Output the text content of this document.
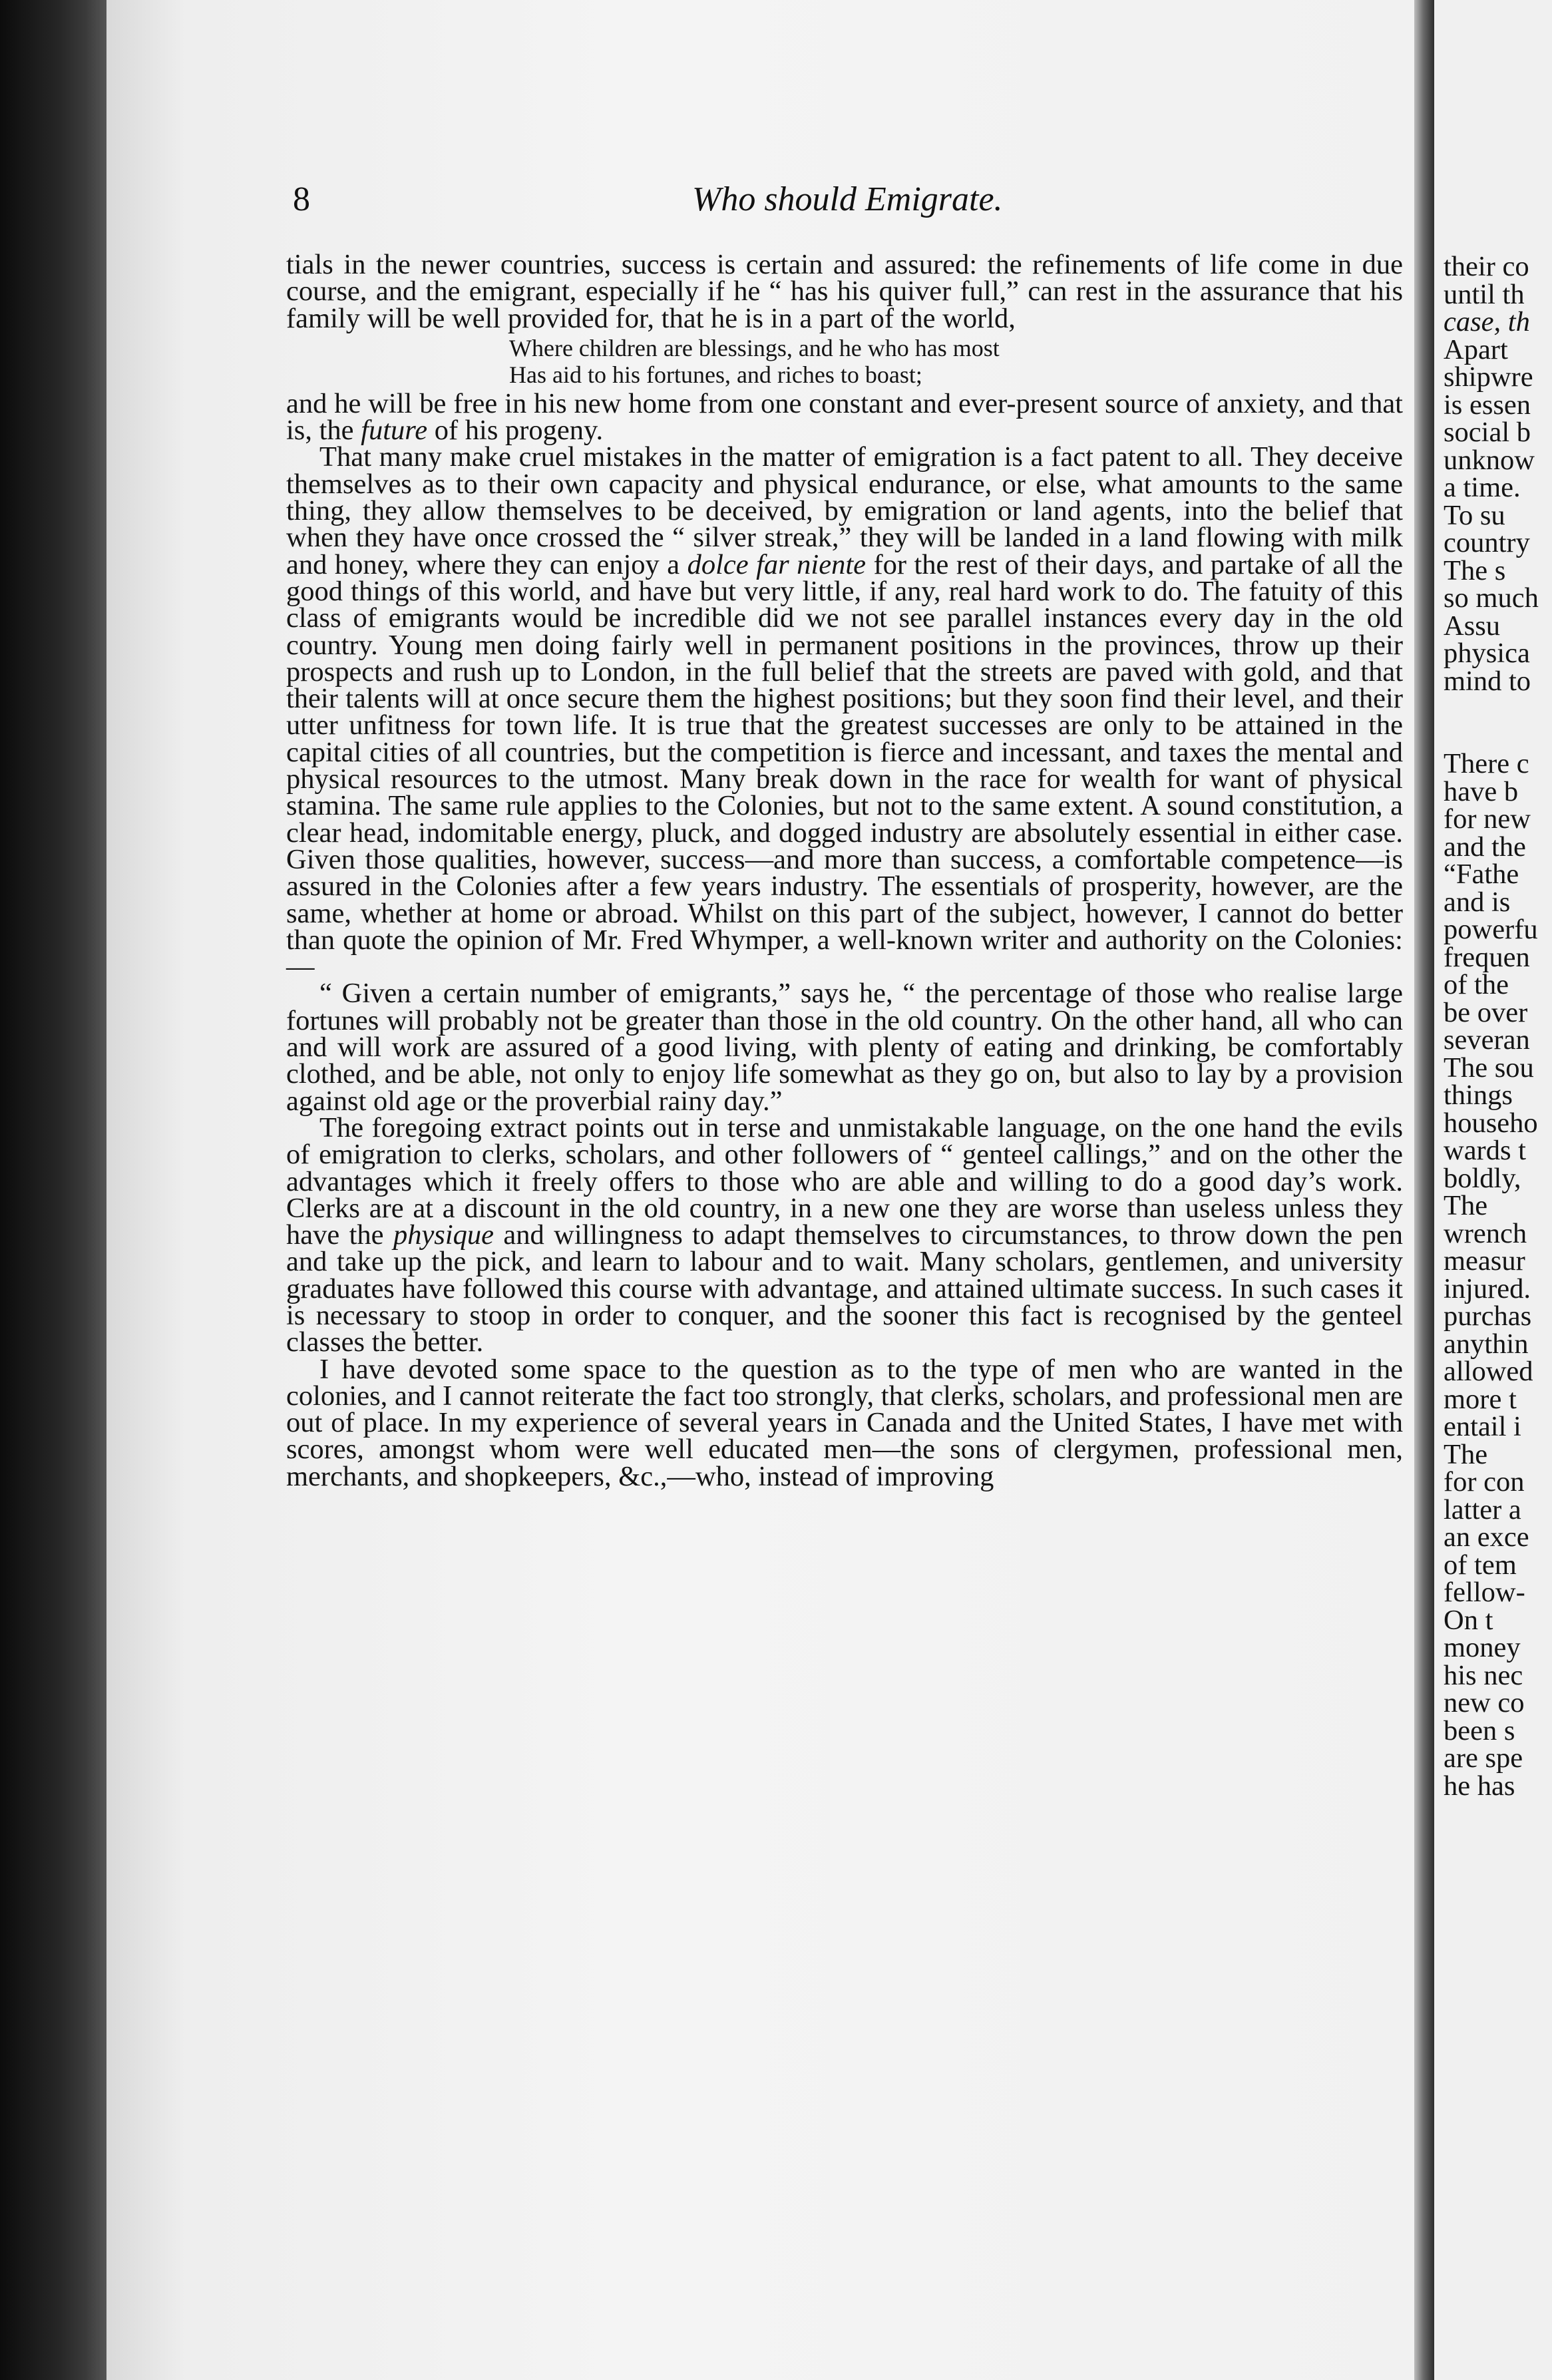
8	Who should Emigrate.

tials in the newer countries, success is certain and assured: the refinements of life come in due course, and the emigrant, especially if he “ has his quiver full,” can rest in the assurance that his family will be well provided for, that he is in a part of the world,

Where children are blessings, and he who has most
Has aid to his fortunes, and riches to boast;

and he will be free in his new home from one constant and ever-present source of anxiety, and that is, the future of his progeny.

That many make cruel mistakes in the matter of emigration is a fact patent to all. They deceive themselves as to their own capacity and physical endurance, or else, what amounts to the same thing, they allow themselves to be deceived, by emigration or land agents, into the belief that when they have once crossed the “ silver streak,” they will be landed in a land flowing with milk and honey, where they can enjoy a dolce far niente for the rest of their days, and partake of all the good things of this world, and have but very little, if any, real hard work to do. The fatuity of this class of emigrants would be incredible did we not see parallel instances every day in the old country. Young men doing fairly well in permanent positions in the provinces, throw up their prospects and rush up to London, in the full belief that the streets are paved with gold, and that their talents will at once secure them the highest positions; but they soon find their level, and their utter unfitness for town life. It is true that the greatest successes are only to be attained in the capital cities of all countries, but the competition is fierce and incessant, and taxes the mental and physical resources to the utmost. Many break down in the race for wealth for want of physical stamina. The same rule applies to the Colonies, but not to the same extent. A sound constitution, a clear head, indomitable energy, pluck, and dogged industry are absolutely essential in either case. Given those qualities, however, success—and more than success, a comfortable competence—is assured in the Colonies after a few years industry. The essentials of prosperity, however, are the same, whether at home or abroad. Whilst on this part of the subject, however, I cannot do better than quote the opinion of Mr. Fred Whymper, a well-known writer and authority on the Colonies:—

“ Given a certain number of emigrants,” says he, “ the percentage of those who realise large fortunes will probably not be greater than those in the old country. On the other hand, all who can and will work are assured of a good living, with plenty of eating and drinking, be comfortably clothed, and be able, not only to enjoy life somewhat as they go on, but also to lay by a provision against old age or the proverbial rainy day.”

The foregoing extract points out in terse and unmistakable language, on the one hand the evils of emigration to clerks, scholars, and other followers of “ genteel callings,” and on the other the advantages which it freely offers to those who are able and willing to do a good day’s work. Clerks are at a discount in the old country, in a new one they are worse than useless unless they have the physique and willingness to adapt themselves to circumstances, to throw down the pen and take up the pick, and learn to labour and to wait. Many scholars, gentlemen, and university graduates have followed this course with advantage, and attained ultimate success. In such cases it is necessary to stoop in order to conquer, and the sooner this fact is recognised by the genteel classes the better.

I have devoted some space to the question as to the type of men who are wanted in the colonies, and I cannot reiterate the fact too strongly, that clerks, scholars, and professional men are out of place. In my experience of several years in Canada and the United States, I have met with scores, amongst whom were well educated men—the sons of clergymen, professional men, merchants, and shopkeepers, &c.,—who, instead of improving

their co
until th
case, th
Apart
shipwre
is essen
social b
unknow
a time.
To su
country
The s
so much
Assu
physica
mind to
There c
have b
for new
and the
“Fathe
and is
powerfu
frequen
of the
be over
severan
The sou
things
househo
wards t
boldly,
The
wrench
measur
injured.
purchas
anythin
allowed
more t
entail i
The
for con
latter a
an exce
of tem
fellow-
On t
money
his nec
new co
been s
are spe
he has
